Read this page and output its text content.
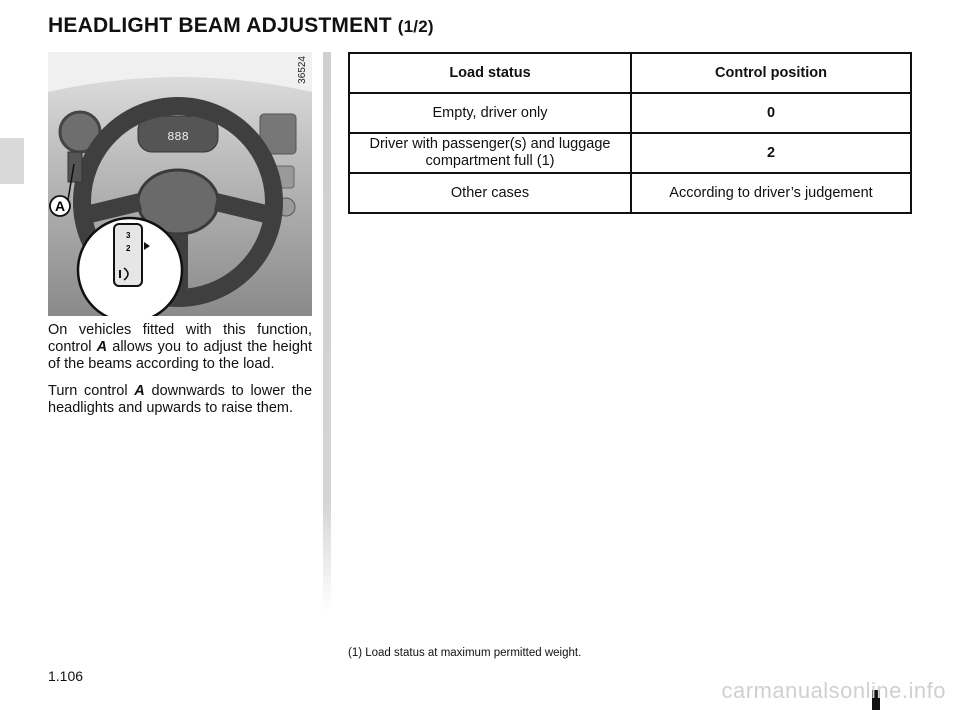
HEADLIGHT BEAM ADJUSTMENT (1/2)
888
3
2
A
36524

On vehicles fitted with this function, control A allows you to adjust the height of the beams according to the load.

Turn control A downwards to lower the headlights and upwards to raise them.

Load status	Control position
Empty, driver only	0
Driver with passenger(s) and luggage compartment full (1)	2
Other cases	According to driver’s judgement
(1) Load status at maximum permitted weight.
1.106
carmanualsonline.info
